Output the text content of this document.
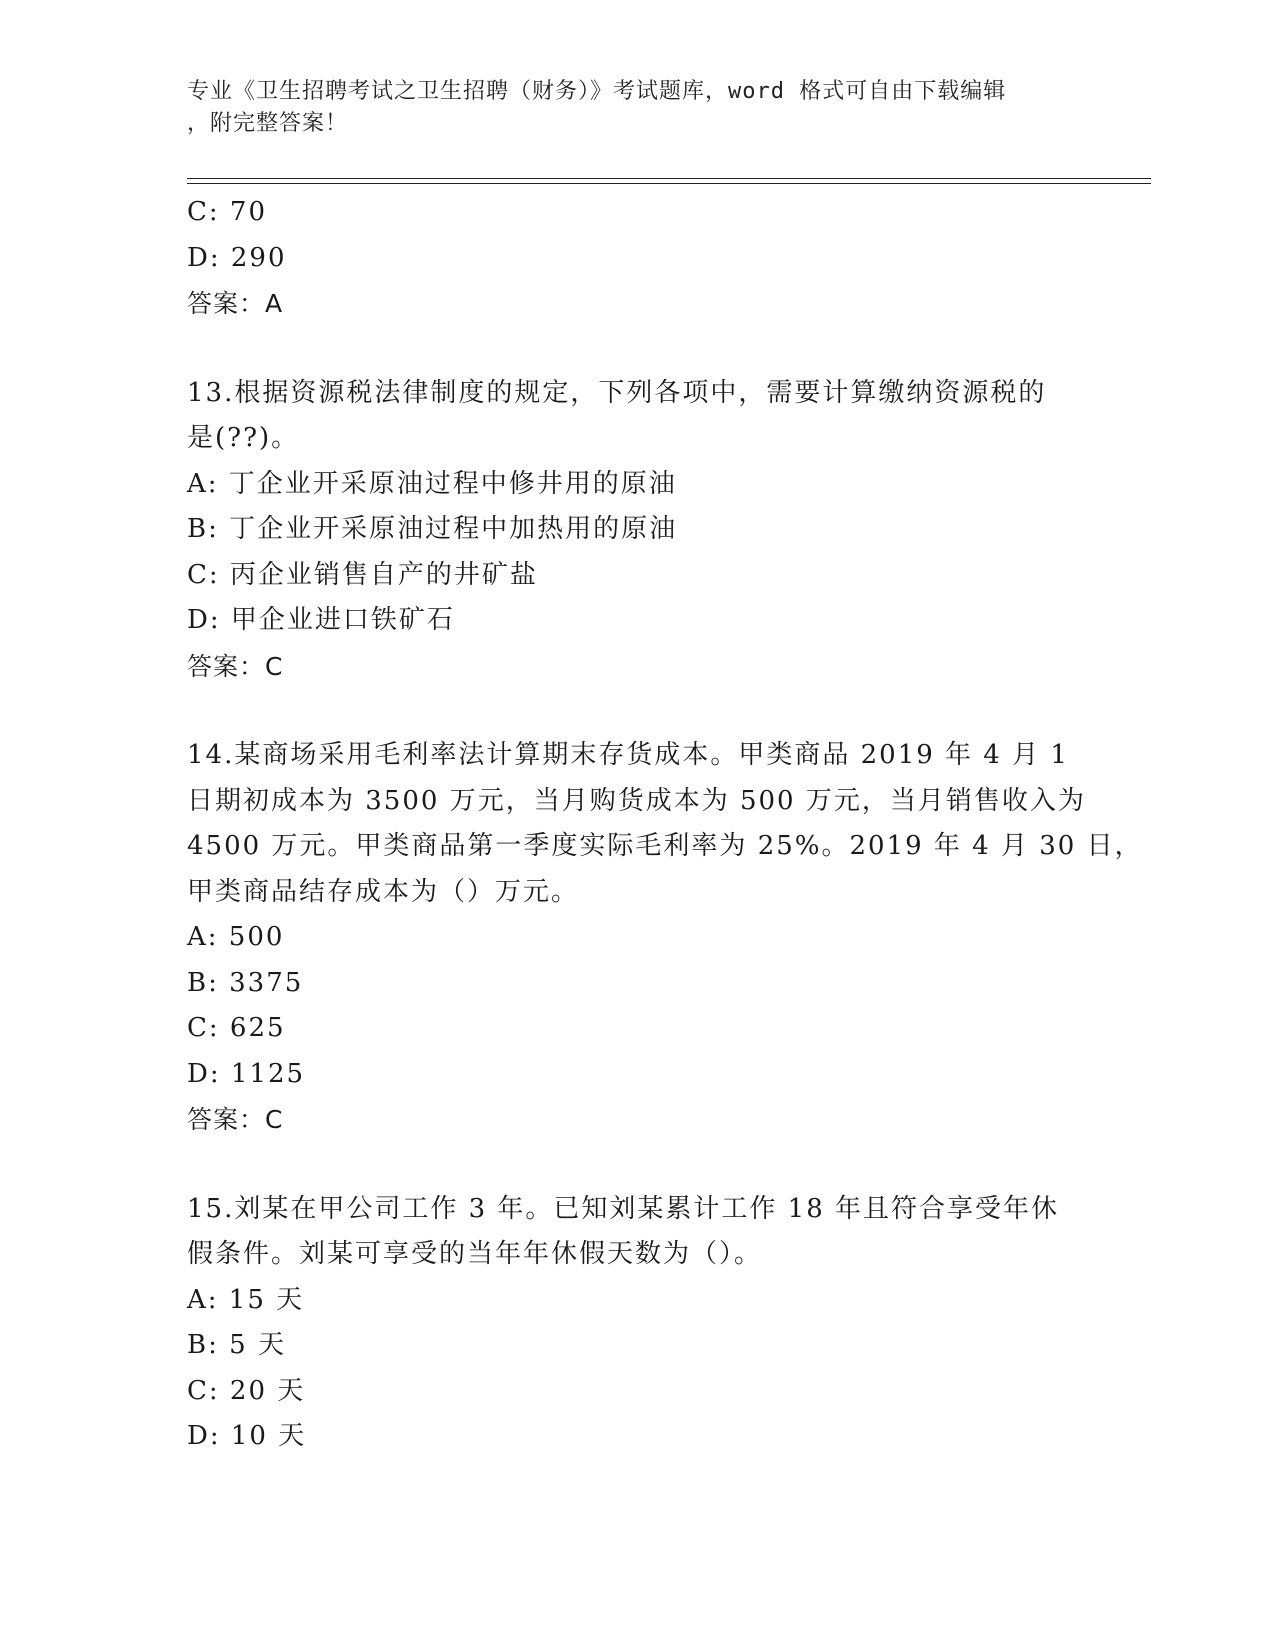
专业《卫生招聘考试之卫生招聘（财务）》考试题库，word 格式可自由下载编辑
，附完整答案！
C: 70
D: 290
答案：A
13.根据资源税法律制度的规定，下列各项中，需要计算缴纳资源税的
是(??)。
A: 丁企业开采原油过程中修井用的原油
B: 丁企业开采原油过程中加热用的原油
C: 丙企业销售自产的井矿盐
D: 甲企业进口铁矿石
答案：C
14.某商场采用毛利率法计算期末存货成本。甲类商品 2019 年 4 月 1
日期初成本为 3500 万元，当月购货成本为 500 万元，当月销售收入为
4500 万元。甲类商品第一季度实际毛利率为 25%。2019 年 4 月 30 日，
甲类商品结存成本为（）万元。
A: 500
B: 3375
C: 625
D: 1125
答案：C
15.刘某在甲公司工作 3 年。已知刘某累计工作 18 年且符合享受年休
假条件。刘某可享受的当年年休假天数为（）。
A: 15 天
B: 5 天
C: 20 天
D: 10 天
